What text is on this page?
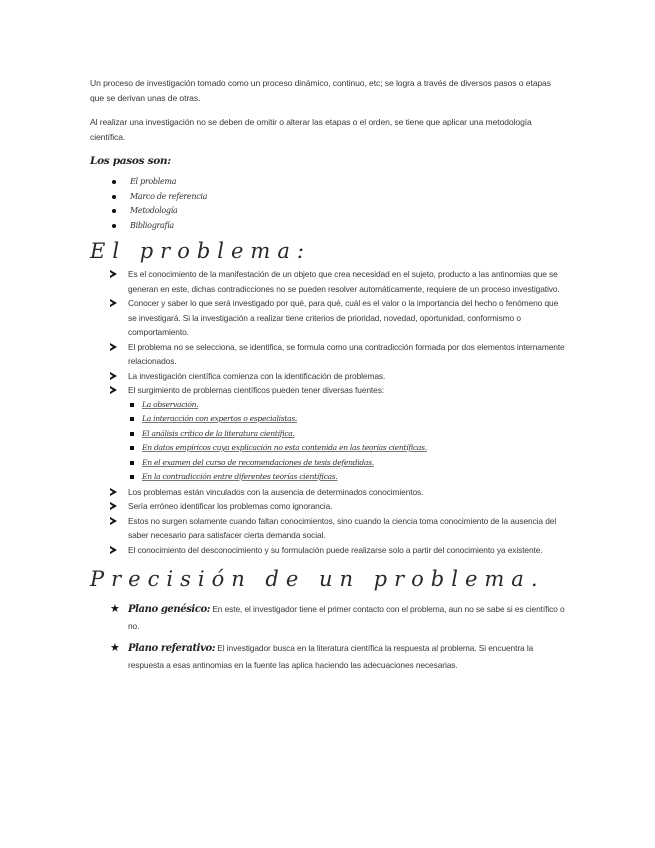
Un proceso de investigación tomado como un proceso dinámico, continuo, etc; se logra a través de diversos pasos o etapas que se derivan unas de otras.

Al realizar una investigación no se deben de omitir o alterar las etapas o el orden, se tiene que aplicar una metodología científica.

Los pasos son:
El problema
Marco de referencia
Metodología
Bibliografía
El problema:
Es el conocimiento de la manifestación de un objeto que crea necesidad en el sujeto, producto a las antinomias que se generan en este, dichas contradicciones no se pueden resolver automáticamente, requiere de un proceso investigativo.
Conocer y saber lo que será investigado por qué, para qué, cuál es el valor o la importancia del hecho o fenómeno que se investigará. Si la investigación a realizar tiene criterios de prioridad, novedad, oportunidad, conformismo o comportamiento.
El problema no se selecciona, se identifica, se formula como una contradicción formada por dos elementos internamente relacionados.
La investigación científica comienza con la identificación de problemas.
El surgimiento de problemas científicos pueden tener diversas fuentes:
La observación.
La interacción con expertos o especialistas.
El análisis crítico de la literatura científica.
En datos empíricos cuya explicación no esta contenida en las teorías científicas.
En el examen del curso de recomendaciones de tesis defendidas.
En la contradicción entre diferentes teorías científicas.
Los problemas están vinculados con la ausencia de determinados conocimientos.
Sería erróneo identificar los problemas como ignorancia.
Estos no surgen solamente cuando faltan conocimientos, sino cuando la ciencia toma conocimiento de la ausencia del saber necesario para satisfacer cierta demanda social.
El conocimiento del desconocimiento y su formulación puede realizarse solo a partir del conocimiento ya existente.
Precisión de un problema.
★ Plano genésico: En este, el investigador tiene el primer contacto con el problema, aun no se sabe si es científico o no.
★ Plano referativo: El investigador busca en la literatura científica la respuesta al problema. Si encuentra la respuesta a esas antinomias en la fuente las aplica haciendo las adecuaciones necesarias.
